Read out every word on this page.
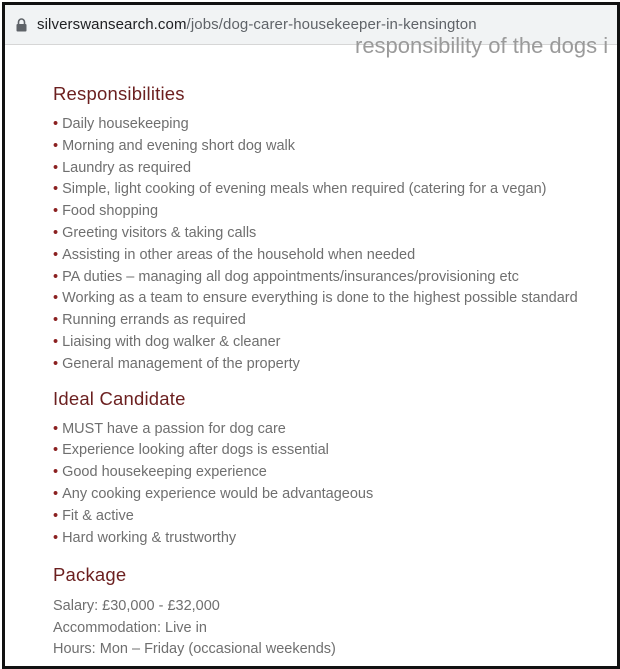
silverswansearch.com/jobs/dog-carer-housekeeper-in-kensington
responsibility of the dogs i
Responsibilities
• Daily housekeeping
• Morning and evening short dog walk
• Laundry as required
• Simple, light cooking of evening meals when required (catering for a vegan)
• Food shopping
• Greeting visitors & taking calls
• Assisting in other areas of the household when needed
• PA duties – managing all dog appointments/insurances/provisioning etc
• Working as a team to ensure everything is done to the highest possible standard
• Running errands as required
• Liaising with dog walker & cleaner
• General management of the property
Ideal Candidate
• MUST have a passion for dog care
• Experience looking after dogs is essential
• Good housekeeping experience
• Any cooking experience would be advantageous
• Fit & active
• Hard working & trustworthy
Package
Salary: £30,000 - £32,000
Accommodation: Live in
Hours: Mon – Friday (occasional weekends)
